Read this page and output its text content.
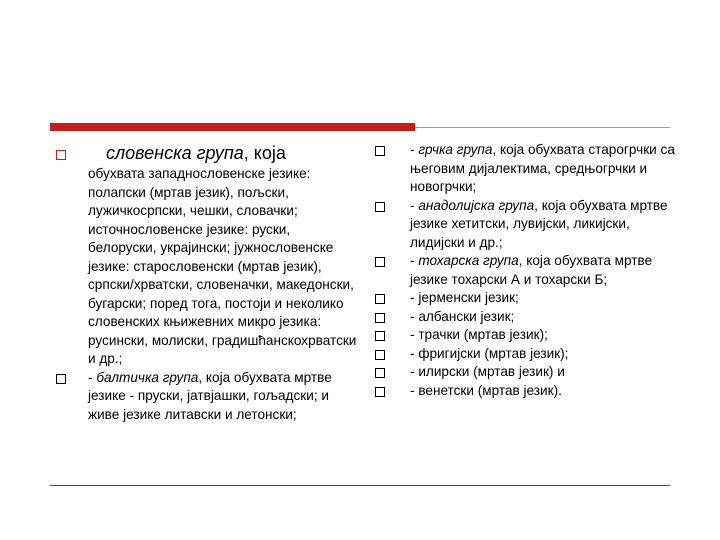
словенска група, која
обухвата западнословенске језике: полапски (мртав језик), пољски, лужичкосрпски, чешки, словачки; источнословенске језике: руски, белоруски, украјински; јужнословенске језике: старословенски (мртав језик), српски/хрватски, словеначки, македонски, бугарски; поред тога, постоји и неколико словенских књижевних микро језика: русински, молиски, градишћанскохрватски и др.;
- балтичка група, која обухвата мртве језике - пруски, јатвјашки, гољадски; и живе језике литавски и летонски;
- грчка група, која обухвата старогрчки са његовим дијалектима, средњогрчки и новогрчки;
- анадолијска група, која обухвата мртве језике хетитски, лувијски, ликијски, лидијски и др.;
- тохарска група, која обухвата мртве језике тохарски А и тохарски Б;
- јерменски језик;
- албански језик;
- трачки (мртав језик);
- фригијски (мртав језик);
- илирски (мртав језик) и
- венетски (мртав језик).
